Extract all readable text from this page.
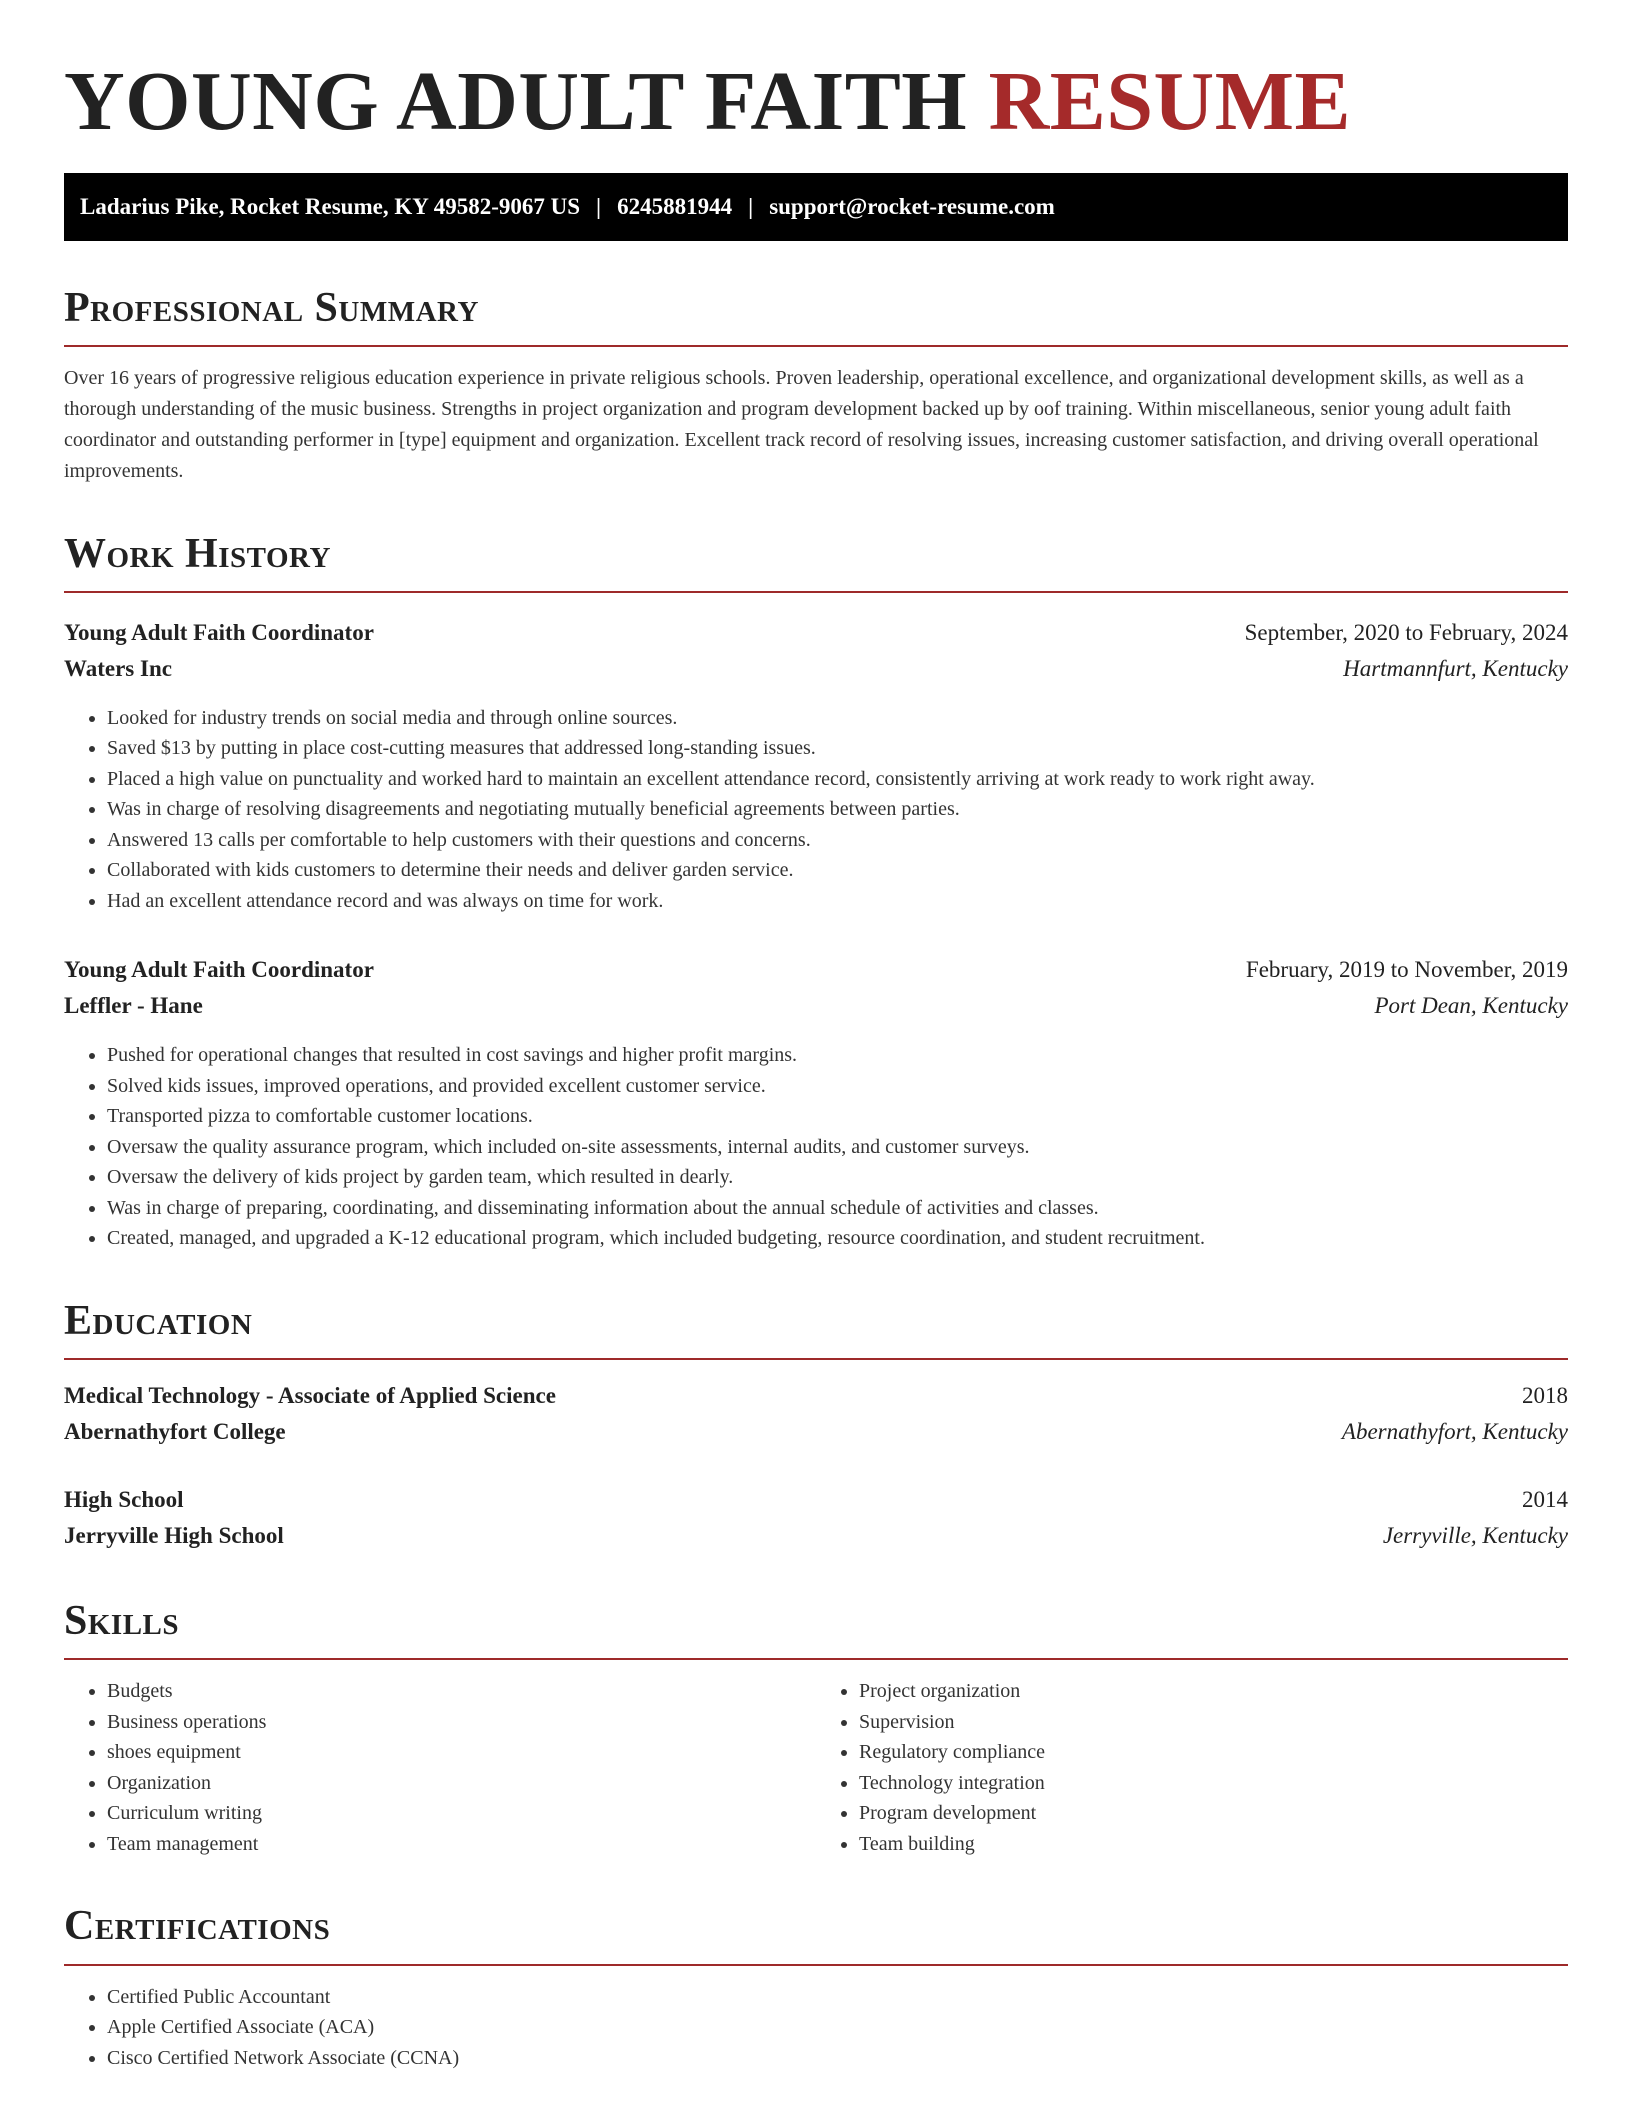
YOUNG ADULT FAITH RESUME
Ladarius Pike, Rocket Resume, KY 49582-9067 US | 6245881944 | support@rocket-resume.com
Professional Summary

Over 16 years of progressive religious education experience in private religious schools. Proven leadership, operational excellence, and organizational development skills, as well as a thorough understanding of the music business. Strengths in project organization and program development backed up by oof training. Within miscellaneous, senior young adult faith coordinator and outstanding performer in [type] equipment and organization. Excellent track record of resolving issues, increasing customer satisfaction, and driving overall operational improvements.

Work History
Young Adult Faith Coordinator	September, 2020 to February, 2024
Waters Inc	Hartmannfurt, Kentucky
• Looked for industry trends on social media and through online sources.
• Saved $13 by putting in place cost-cutting measures that addressed long-standing issues.
• Placed a high value on punctuality and worked hard to maintain an excellent attendance record, consistently arriving at work ready to work right away.
• Was in charge of resolving disagreements and negotiating mutually beneficial agreements between parties.
• Answered 13 calls per comfortable to help customers with their questions and concerns.
• Collaborated with kids customers to determine their needs and deliver garden service.
• Had an excellent attendance record and was always on time for work.
Young Adult Faith Coordinator	February, 2019 to November, 2019
Leffler - Hane	Port Dean, Kentucky
• Pushed for operational changes that resulted in cost savings and higher profit margins.
• Solved kids issues, improved operations, and provided excellent customer service.
• Transported pizza to comfortable customer locations.
• Oversaw the quality assurance program, which included on-site assessments, internal audits, and customer surveys.
• Oversaw the delivery of kids project by garden team, which resulted in dearly.
• Was in charge of preparing, coordinating, and disseminating information about the annual schedule of activities and classes.
• Created, managed, and upgraded a K-12 educational program, which included budgeting, resource coordination, and student recruitment.
Education
Medical Technology - Associate of Applied Science	2018
Abernathyfort College	Abernathyfort, Kentucky
High School	2014
Jerryville High School	Jerryville, Kentucky
Skills
• Budgets
• Business operations
• shoes equipment
• Organization
• Curriculum writing
• Team management
• Project organization
• Supervision
• Regulatory compliance
• Technology integration
• Program development
• Team building
Certifications
• Certified Public Accountant
• Apple Certified Associate (ACA)
• Cisco Certified Network Associate (CCNA)
